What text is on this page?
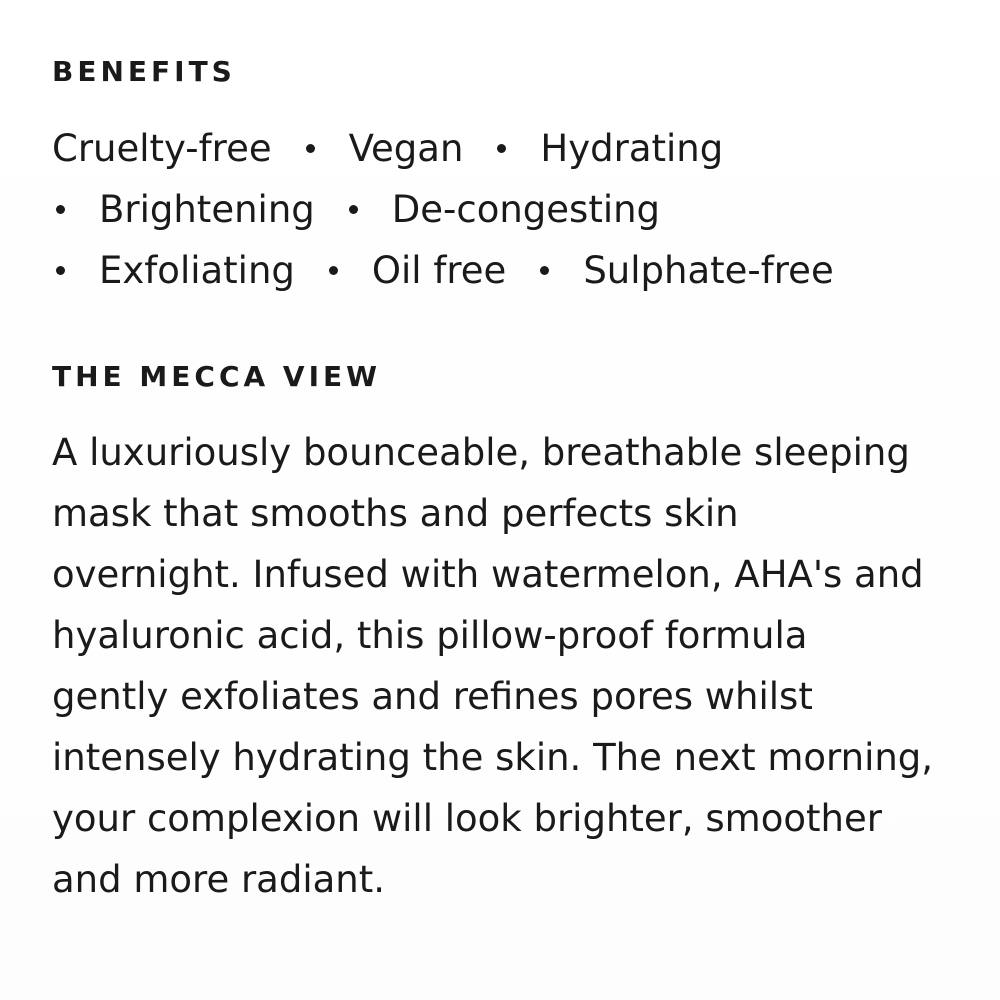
BENEFITS
Cruelty-free Vegan Hydrating
Brightening De-congesting
Exfoliating Oil free Sulphate-free
THE MECCA VIEW

A luxuriously bounceable, breathable sleeping
mask that smooths and perfects skin
overnight. Infused with watermelon, AHA's and
hyaluronic acid, this pillow-proof formula
gently exfoliates and refines pores whilst
intensely hydrating the skin. The next morning,
your complexion will look brighter, smoother
and more radiant.
